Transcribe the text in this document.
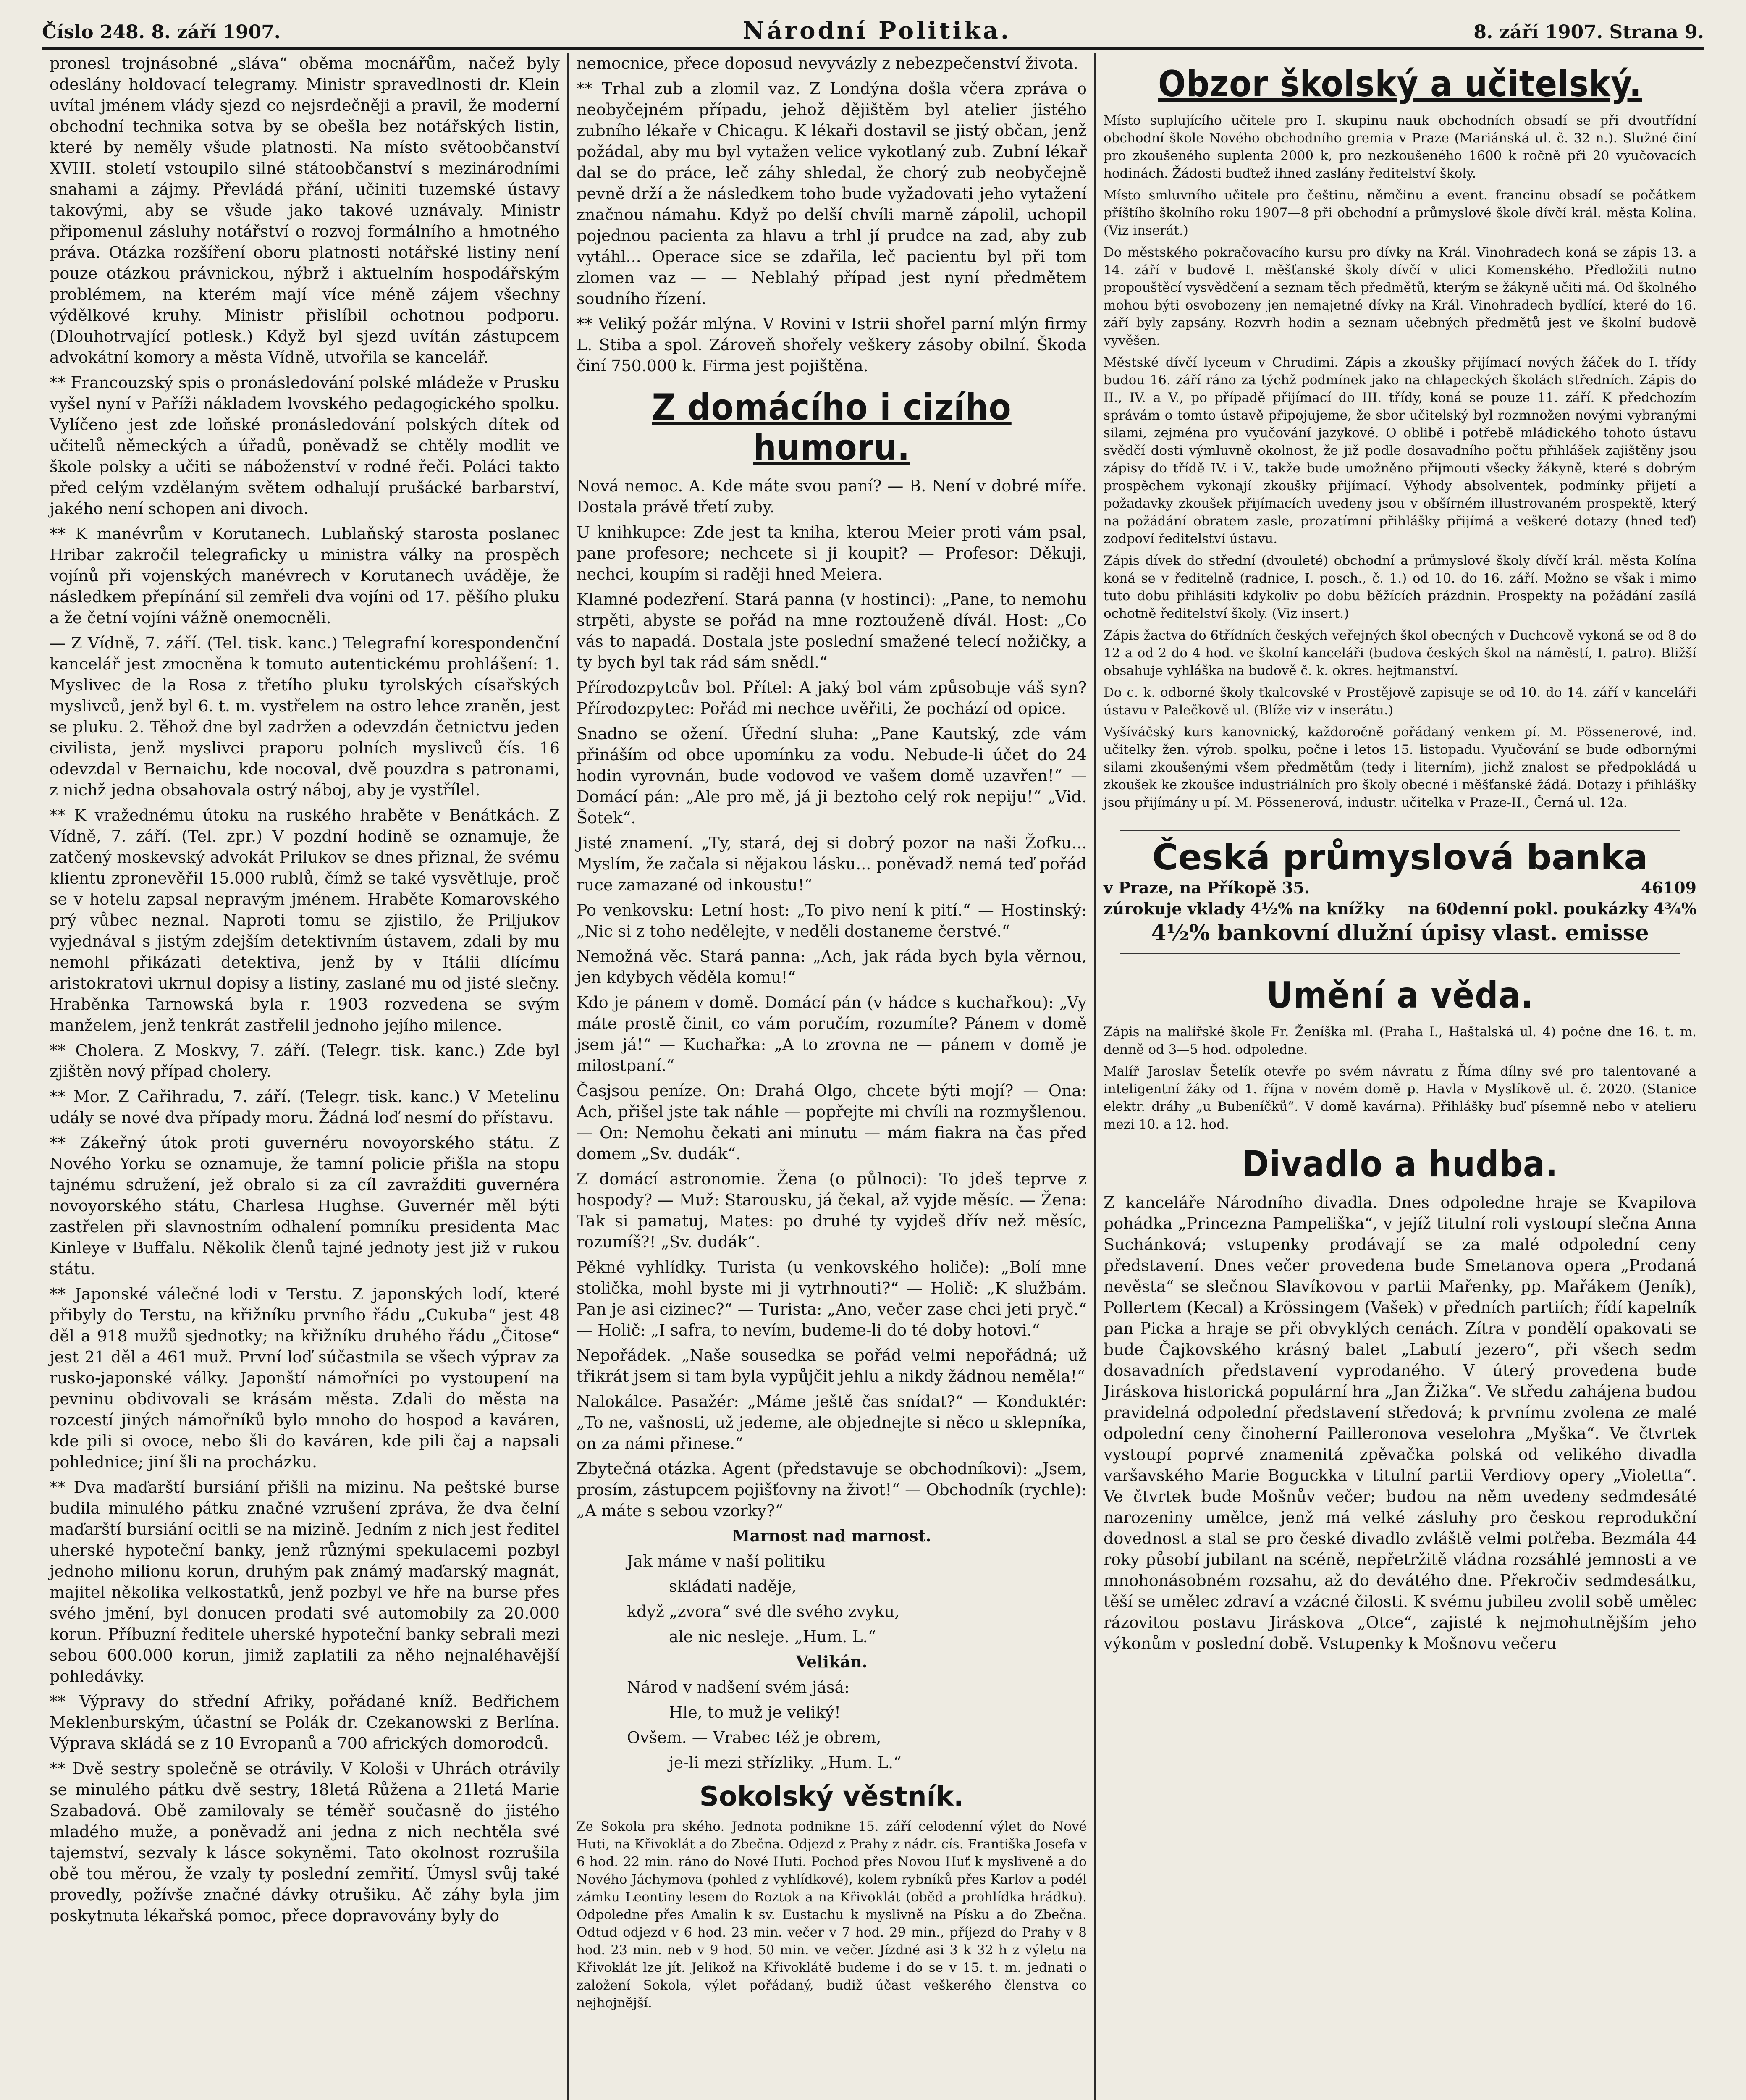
Číslo 248. 8. září 1907.	Národní Politika.	8. září 1907. Strana 9.

pronesl trojnásobné „sláva“ oběma mocnářům, načež byly odeslány holdovací telegramy. Ministr spravedlnosti dr. Klein uvítal jménem vlády sjezd co nejsrdečněji a pravil, že moderní obchodní technika sotva by se obešla bez notářských listin, které by neměly všude platnosti. Na místo světoobčanství XVIII. století vstoupilo silné státoobčanství s mezinárodními snahami a zájmy. Převládá přání, učiniti tuzemské ústavy takovými, aby se všude jako takové uznávaly. Ministr připomenul zásluhy notářství o rozvoj formálního a hmotného práva. Otázka rozšíření oboru platnosti notářské listiny není pouze otázkou právnickou, nýbrž i aktuelním hospodářským problémem, na kterém mají více méně zájem všechny výdělkové kruhy. Ministr přislíbil ochotnou podporu. (Dlouhotrvající potlesk.) Když byl sjezd uvítán zástupcem advokátní komory a města Vídně, utvořila se kancelář.

** Francouzský spis o pronásledování polské mládeže v Prusku vyšel nyní v Paříži nákladem lvovského pedagogického spolku. Vylíčeno jest zde loňské pronásledování polských dítek od učitelů německých a úřadů, poněvadž se chtěly modlit ve škole polsky a učiti se náboženství v rodné řeči. Poláci takto před celým vzdělaným světem odhalují prušácké barbarství, jakého není schopen ani divoch.

** K manévrům v Korutanech. Lublaňský starosta poslanec Hribar zakročil telegraficky u ministra války na prospěch vojínů při vojenských manévrech v Korutanech uváděje, že následkem přepínání sil zemřeli dva vojíni od 17. pěšího pluku a že četní vojíni vážně onemocněli.

— Z Vídně, 7. září. (Tel. tisk. kanc.) Telegrafní korespondenční kancelář jest zmocněna k tomuto autentickému prohlášení: 1. Myslivec de la Rosa z třetího pluku tyrolských císařských myslivců, jenž byl 6. t. m. vystřelem na ostro lehce zraněn, jest se pluku. 2. Těhož dne byl zadržen a odevzdán četnictvu jeden civilista, jenž myslivci praporu polních myslivců čís. 16 odevzdal v Bernaichu, kde nocoval, dvě pouzdra s patronami, z nichž jedna obsahovala ostrý náboj, aby je vystřílel.

** K vražednému útoku na ruského hraběte v Benátkách. Z Vídně, 7. září. (Tel. zpr.) V pozdní hodině se oznamuje, že zatčený moskevský advokát Prilukov se dnes přiznal, že svému klientu zpronevěřil 15.000 rublů, čímž se také vysvětluje, proč se v hotelu zapsal nepravým jménem. Hraběte Komarovského prý vůbec neznal. Naproti tomu se zjistilo, že Priljukov vyjednával s jistým zdejším detektivním ústavem, zdali by mu nemohl přikázati detektiva, jenž by v Itálii dlícímu aristokratovi ukrnul dopisy a listiny, zaslané mu od jisté slečny. Hraběnka Tarnowská byla r. 1903 rozvedena se svým manželem, jenž tenkrát zastřelil jednoho jejího milence.

** Cholera. Z Moskvy, 7. září. (Telegr. tisk. kanc.) Zde byl zjištěn nový případ cholery.

** Mor. Z Cařihradu, 7. září. (Telegr. tisk. kanc.) V Metelinu udály se nové dva případy moru. Žádná loď nesmí do přístavu.

** Zákeřný útok proti guvernéru novoyorského státu. Z Nového Yorku se oznamuje, že tamní policie přišla na stopu tajnému sdružení, jež obralo si za cíl zavražditi guvernéra novoyorského státu, Charlesa Hughse. Guvernér měl býti zastřelen při slavnostním odhalení pomníku presidenta Mac Kinleye v Buffalu. Několik členů tajné jednoty jest již v rukou státu.

** Japonské válečné lodi v Terstu. Z japonských lodí, které přibyly do Terstu, na křižníku prvního řádu „Cukuba“ jest 48 děl a 918 mužů sjednotky; na křižníku druhého řádu „Čitose“ jest 21 děl a 461 muž. První loď súčastnila se všech výprav za rusko-japonské války. Japonští námořníci po vystoupení na pevninu obdivovali se krásám města. Zdali do města na rozcestí jiných námořníků bylo mnoho do hospod a kaváren, kde pili si ovoce, nebo šli do kaváren, kde pili čaj a napsali pohlednice; jiní šli na procházku.

** Dva maďarští bursiání přišli na mizinu. Na peštské burse budila minulého pátku značné vzrušení zpráva, že dva čelní maďarští bursiání ocitli se na mizině. Jedním z nich jest ředitel uherské hypoteční banky, jenž různými spekulacemi pozbyl jednoho milionu korun, druhým pak známý maďarský magnát, majitel několika velkostatků, jenž pozbyl ve hře na burse přes svého jmění, byl donucen prodati své automobily za 20.000 korun. Příbuzní ředitele uherské hypoteční banky sebrali mezi sebou 600.000 korun, jimiž zaplatili za něho nejnaléhavější pohledávky.

** Výpravy do střední Afriky, pořádané kníž. Bedřichem Meklenburským, účastní se Polák dr. Czekanowski z Berlína. Výprava skládá se z 10 Evropanů a 700 afrických domorodců.

** Dvě sestry společně se otrávily. V Kološi v Uhrách otrávily se minulého pátku dvě sestry, 18letá Růžena a 21letá Marie Szabadová. Obě zamilovaly se téměř současně do jistého mladého muže, a poněvadž ani jedna z nich nechtěla své tajemství, sezvaly k lásce sokyněmi. Tato okolnost rozrušila obě tou měrou, že vzaly ty poslední zemřití. Úmysl svůj také provedly, požívše značné dávky otrušiku. Ač záhy byla jim poskytnuta lékařská pomoc, přece dopravovány byly do

nemocnice, přece doposud nevyvázly z nebezpečenství života.

** Trhal zub a zlomil vaz. Z Londýna došla včera zpráva o neobyčejném případu, jehož dějištěm byl atelier jistého zubního lékaře v Chicagu. K lékaři dostavil se jistý občan, jenž požádal, aby mu byl vytažen velice vykotlaný zub. Zubní lékař dal se do práce, leč záhy shledal, že chorý zub neobyčejně pevně drží a že následkem toho bude vyžadovati jeho vytažení značnou námahu. Když po delší chvíli marně zápolil, uchopil pojednou pacienta za hlavu a trhl jí prudce na zad, aby zub vytáhl... Operace sice se zdařila, leč pacientu byl při tom zlomen vaz — — Neblahý případ jest nyní předmětem soudního řízení.

** Veliký požár mlýna. V Rovini v Istrii shořel parní mlýn firmy L. Stiba a spol. Zároveň shořely veškery zásoby obilní. Škoda činí 750.000 k. Firma jest pojištěna.

Z domácího i cizího humoru.

Nová nemoc. A. Kde máte svou paní? — B. Není v dobré míře. Dostala právě třetí zuby.

U knihkupce: Zde jest ta kniha, kterou Meier proti vám psal, pane profesore; nechcete si ji koupit? — Profesor: Děkuji, nechci, koupím si raději hned Meiera.

Klamné podezření. Stará panna (v hostinci): „Pane, to nemohu strpěti, abyste se pořád na mne roztouženě dívál. Host: „Co vás to napadá. Dostala jste poslední smažené telecí nožičky, a ty bych byl tak rád sám snědl.“

Přírodozpytcův bol. Přítel: A jaký bol vám způsobuje váš syn? Přírodozpytec: Pořád mi nechce uvěřiti, že pochází od opice.

Snadno se ožení. Úřední sluha: „Pane Kautský, zde vám přináším od obce upomínku za vodu. Nebude-li účet do 24 hodin vyrovnán, bude vodovod ve vašem domě uzavřen!“ — Domácí pán: „Ale pro mě, já ji beztoho celý rok nepiju!“ „Vid. Šotek“.

Jisté znamení. „Ty, stará, dej si dobrý pozor na naši Žofku... Myslím, že začala si nějakou lásku... poněvadž nemá teď pořád ruce zamazané od inkoustu!“

Po venkovsku: Letní host: „To pivo není k pití.“ — Hostinský: „Nic si z toho nedělejte, v neděli dostaneme čerstvé.“

Nemožná věc. Stará panna: „Ach, jak ráda bych byla věrnou, jen kdybych věděla komu!“

Kdo je pánem v domě. Domácí pán (v hádce s kuchařkou): „Vy máte prostě činit, co vám poručím, rozumíte? Pánem v domě jsem já!“ — Kuchařka: „A to zrovna ne — pánem v domě je milostpaní.“

Časjsou peníze. On: Drahá Olgo, chcete býti mojí? — Ona: Ach, přišel jste tak náhle — popřejte mi chvíli na rozmyšlenou. — On: Nemohu čekati ani minutu — mám fiakra na čas před domem „Sv. dudák“.

Z domácí astronomie. Žena (o půlnoci): To jdeš teprve z hospody? — Muž: Starousku, já čekal, až vyjde měsíc. — Žena: Tak si pamatuj, Mates: po druhé ty vyjdeš dřív než měsíc, rozumíš?! „Sv. dudák“.

Pěkné vyhlídky. Turista (u venkovského holiče): „Bolí mne stolička, mohl byste mi ji vytrhnouti?“ — Holič: „K službám. Pan je asi cizinec?“ — Turista: „Ano, večer zase chci jeti pryč.“ — Holič: „I safra, to nevím, budeme-li do té doby hotovi.“

Nepořádek. „Naše sousedka se pořád velmi nepořádná; už třikrát jsem si tam byla vypůjčit jehlu a nikdy žádnou neměla!“

Nalokálce. Pasažér: „Máme ještě čas snídat?“ — Konduktér: „To ne, vašnosti, už jedeme, ale objednejte si něco u sklepníka, on za námi přinese.“

Zbytečná otázka. Agent (představuje se obchodníkovi): „Jsem, prosím, zástupcem pojišťovny na život!“ — Obchodník (rychle): „A máte s sebou vzorky?“

Marnost nad marnost.

Jak máme v naší politiku

skládati naděje,

když „zvora“ své dle svého zvyku,

ale nic nesleje. „Hum. L.“

Velikán.

Národ v nadšení svém jásá:

Hle, to muž je veliký!

Ovšem. — Vrabec též je obrem,

je-li mezi střízliky. „Hum. L.“

Sokolský věstník.

Ze Sokola pra ského. Jednota podnikne 15. září celodenní výlet do Nové Huti, na Křivoklát a do Zbečna. Odjezd z Prahy z nádr. cís. Františka Josefa v 6 hod. 22 min. ráno do Nové Huti. Pochod přes Novou Huť k mysliveně a do Nového Jáchymova (pohled z vyhlídkové), kolem rybníků přes Karlov a podél zámku Leontiny lesem do Roztok a na Křivoklát (oběd a prohlídka hrádku). Odpoledne přes Amalin k sv. Eustachu k myslivně na Písku a do Zbečna. Odtud odjezd v 6 hod. 23 min. večer v 7 hod. 29 min., příjezd do Prahy v 8 hod. 23 min. neb v 9 hod. 50 min. ve večer. Jízdné asi 3 k 32 h z výletu na Křivoklát lze jít. Jelikož na Křivoklátě budeme i do se v 15. t. m. jednati o založení Sokola, výlet pořádaný, budiž účast veškerého členstva co nejhojnější.

Obzor školský a učitelský.

Místo suplujícího učitele pro I. skupinu nauk obchodních obsadí se při dvoutřídní obchodní škole Nového obchodního gremia v Praze (Mariánská ul. č. 32 n.). Služné činí pro zkoušeného suplenta 2000 k, pro nezkoušeného 1600 k ročně při 20 vyučovacích hodinách. Žádosti buďtež ihned zaslány ředitelství školy.

Místo smluvního učitele pro češtinu, němčinu a event. francinu obsadí se počátkem příštího školního roku 1907—8 při obchodní a průmyslové škole dívčí král. města Kolína. (Viz inserát.)

Do městského pokračovacího kursu pro dívky na Král. Vinohradech koná se zápis 13. a 14. září v budově I. měšťanské školy dívčí v ulici Komenského. Předložiti nutno propouštěcí vysvědčení a seznam těch předmětů, kterým se žákyně učiti má. Od školného mohou býti osvobozeny jen nemajetné dívky na Král. Vinohradech bydlící, které do 16. září byly zapsány. Rozvrh hodin a seznam učebných předmětů jest ve školní budově vyvěšen.

Městské dívčí lyceum v Chrudimi. Zápis a zkoušky přijímací nových žáček do I. třídy budou 16. září ráno za týchž podmínek jako na chlapeckých školách středních. Zápis do II., IV. a V., po případě přijímací do III. třídy, koná se pouze 11. září. K předchozím správám o tomto ústavě připojujeme, že sbor učitelský byl rozmnožen novými vybranými silami, zejména pro vyučování jazykové. O oblibě i potřebě mládického tohoto ústavu svědčí dosti výmluvně okolnost, že již podle dosavadního počtu přihlášek zajištěny jsou zápisy do třídě IV. i V., takže bude umožněno přijmouti všecky žákyně, které s dobrým prospěchem vykonají zkoušky přijímací. Výhody absolventek, podmínky přijetí a požadavky zkoušek přijímacích uvedeny jsou v obšírném illustrovaném prospektě, který na požádání obratem zasle, prozatímní přihlášky přijímá a veškeré dotazy (hned teď) zodpoví ředitelství ústavu.

Zápis dívek do střední (dvouleté) obchodní a průmyslové školy dívčí král. města Kolína koná se v ředitelně (radnice, I. posch., č. 1.) od 10. do 16. září. Možno se však i mimo tuto dobu přihlásiti kdykoliv po dobu běžících prázdnin. Prospekty na požádání zasílá ochotně ředitelství školy. (Viz insert.)

Zápis žactva do 6třídních českých veřejných škol obecných v Duchcově vykoná se od 8 do 12 a od 2 do 4 hod. ve školní kanceláři (budova českých škol na náměstí, I. patro). Bližší obsahuje vyhláška na budově č. k. okres. hejtmanství.

Do c. k. odborné školy tkalcovské v Prostějově zapisuje se od 10. do 14. září v kanceláři ústavu v Palečkově ul. (Blíže viz v inserátu.)

Vyšíváčský kurs kanovnický, každoročně pořádaný venkem pí. M. Pössenerové, ind. učitelky žen. výrob. spolku, počne i letos 15. listopadu. Vyučování se bude odbornými silami zkoušenými všem předmětům (tedy i literním), jichž znalost se předpokládá u zkoušek ke zkoušce industriálních pro školy obecné i měšťanské žádá. Dotazy i přihlášky jsou přijímány u pí. M. Pössenerová, industr. učitelka v Praze-II., Černá ul. 12a.

Česká průmyslová banka
v Praze, na Příkopě 35.	46109
zúrokuje vklady 4½% na knížky na 60denní pokl. poukázky 4¾%
4½% bankovní dlužní úpisy vlast. emisse
Umění a věda.

Zápis na malířské škole Fr. Ženíška ml. (Praha I., Haštalská ul. 4) počne dne 16. t. m. denně od 3—5 hod. odpoledne.

Malíř Jaroslav Šetelík otevře po svém návratu z Říma dílny své pro talentované a inteligentní žáky od 1. října v novém domě p. Havla v Myslíkově ul. č. 2020. (Stanice elektr. dráhy „u Bubeníčků“. V domě kavárna). Přihlášky buď písemně nebo v atelieru mezi 10. a 12. hod.

Divadlo a hudba.

Z kanceláře Národního divadla. Dnes odpoledne hraje se Kvapilova pohádka „Princezna Pampeliška“, v jejíž titulní roli vystoupí slečna Anna Suchánková; vstupenky prodávají se za malé odpolední ceny představení. Dnes večer provedena bude Smetanova opera „Prodaná nevěsta“ se slečnou Slavíkovou v partii Mařenky, pp. Mařákem (Jeník), Pollertem (Kecal) a Krössingem (Vašek) v předních partiích; řídí kapelník pan Picka a hraje se při obvyklých cenách. Zítra v pondělí opakovati se bude Čajkovského krásný balet „Labutí jezero“, při všech sedm dosavadních představení vyprodaného. V úterý provedena bude Jiráskova historická populární hra „Jan Žižka“. Ve středu zahájena budou pravidelná odpolední představení středová; k prvnímu zvolena ze malé odpolední ceny činoherní Pailleronova veselohra „Myška“. Ve čtvrtek vystoupí poprvé znamenitá zpěvačka polská od velikého divadla varšavského Marie Boguckka v titulní partii Verdiovy opery „Violetta“. Ve čtvrtek bude Mošnův večer; budou na něm uvedeny sedmdesáté narozeniny umělce, jenž má velké zásluhy pro českou reprodukční dovednost a stal se pro české divadlo zvláště velmi potřeba. Bezmála 44 roky působí jubilant na scéně, nepřetržitě vládna rozsáhlé jemnosti a ve mnohonásobném rozsahu, až do devátého dne. Překročiv sedmdesátku, těší se umělec zdraví a vzácné čilosti. K svému jubileu zvolil sobě umělec rázovitou postavu Jiráskova „Otce“, zajisté k nejmohutnějším jeho výkonům v poslední době. Vstupenky k Mošnovu večeru
